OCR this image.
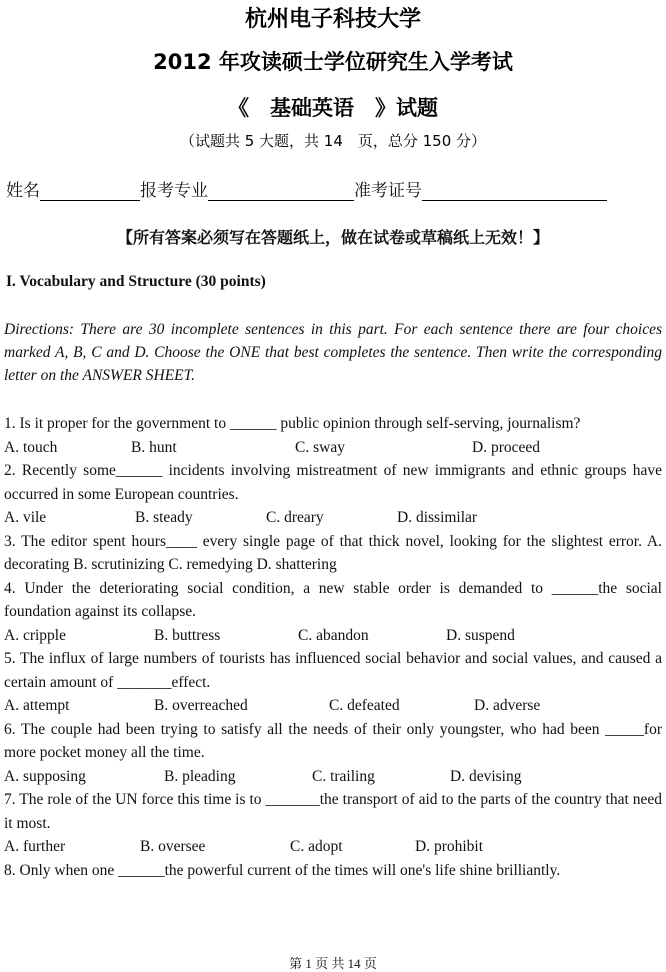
杭州电子科技大学
2012 年攻读硕士学位研究生入学考试
《　基础英语　》试题
（试题共 5 大题，共 14　页，总分 150 分）
姓名	报考专业	准考证号
【所有答案必须写在答题纸上，做在试卷或草稿纸上无效！】
I. Vocabulary and Structure (30 points)
Directions: There are 30 incomplete sentences in this part. For each sentence there are four choices marked A, B, C and D. Choose the ONE that best completes the sentence. Then write the corresponding letter on the ANSWER SHEET.
1. Is it proper for the government to ______ public opinion through self-serving, journalism?
A. touch	B. hunt	C. sway	D. proceed
2. Recently some______ incidents involving mistreatment of new immigrants and ethnic groups have occurred in some European countries.
A. vile	B. steady	C. dreary	D. dissimilar
3. The editor spent hours____ every single page of that thick novel, looking for the slightest error. A. decorating B. scrutinizing C. remedying D. shattering
4. Under the deteriorating social condition, a new stable order is demanded to ______the social foundation against its collapse.
A. cripple	B. buttress	C. abandon	D. suspend
5. The influx of large numbers of tourists has influenced social behavior and social values, and caused a certain amount of _______effect.
A. attempt	B. overreached	C. defeated	D. adverse
6. The couple had been trying to satisfy all the needs of their only youngster, who had been _____for more pocket money all the time.
A. supposing	B. pleading	C. trailing	D. devising
7. The role of the UN force this time is to _______the transport of aid to the parts of the country that need it most.
A. further	B. oversee	C. adopt	D. prohibit
8. Only when one ______the powerful current of the times will one's life shine brilliantly.
第 1 页 共 14 页
